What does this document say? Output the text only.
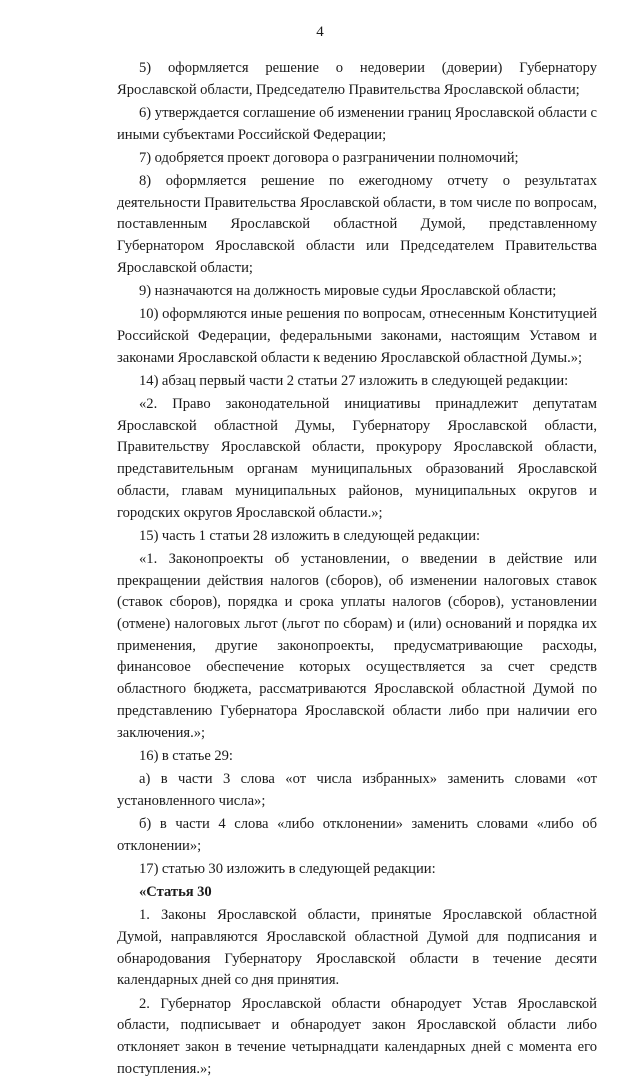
4

5) оформляется решение о недоверии (доверии) Губернатору Ярославской области, Председателю Правительства Ярославской области;

6) утверждается соглашение об изменении границ Ярославской области с иными субъектами Российской Федерации;

7) одобряется проект договора о разграничении полномочий;

8) оформляется решение по ежегодному отчету о результатах деятельности Правительства Ярославской области, в том числе по вопросам, поставленным Ярославской областной Думой, представленному Губернатором Ярославской области или Председателем Правительства Ярославской области;

9) назначаются на должность мировые судьи Ярославской области;

10) оформляются иные решения по вопросам, отнесенным Конституцией Российской Федерации, федеральными законами, настоящим Уставом и законами Ярославской области к ведению Ярославской областной Думы.»;

14) абзац первый части 2 статьи 27 изложить в следующей редакции:

«2. Право законодательной инициативы принадлежит депутатам Ярославской областной Думы, Губернатору Ярославской области, Правительству Ярославской области, прокурору Ярославской области, представительным органам муниципальных образований Ярославской области, главам муниципальных районов, муниципальных округов и городских округов Ярославской области.»;

15) часть 1 статьи 28 изложить в следующей редакции:

«1. Законопроекты об установлении, о введении в действие или прекращении действия налогов (сборов), об изменении налоговых ставок (ставок сборов), порядка и срока уплаты налогов (сборов), установлении (отмене) налоговых льгот (льгот по сборам) и (или) оснований и порядка их применения, другие законопроекты, предусматривающие расходы, финансовое обеспечение которых осуществляется за счет средств областного бюджета, рассматриваются Ярославской областной Думой по представлению Губернатора Ярославской области либо при наличии его заключения.»;

16) в статье 29:

а) в части 3 слова «от числа избранных» заменить словами «от установленного числа»;

б) в части 4 слова «либо отклонении» заменить словами «либо об отклонении»;

17) статью 30 изложить в следующей редакции:

«Статья 30

1. Законы Ярославской области, принятые Ярославской областной Думой, направляются Ярославской областной Думой для подписания и обнародования Губернатору Ярославской области в течение десяти календарных дней со дня принятия.

2. Губернатор Ярославской области обнародует Устав Ярославской области, подписывает и обнародует закон Ярославской области либо отклоняет закон в течение четырнадцати календарных дней с момента его поступления.»;
